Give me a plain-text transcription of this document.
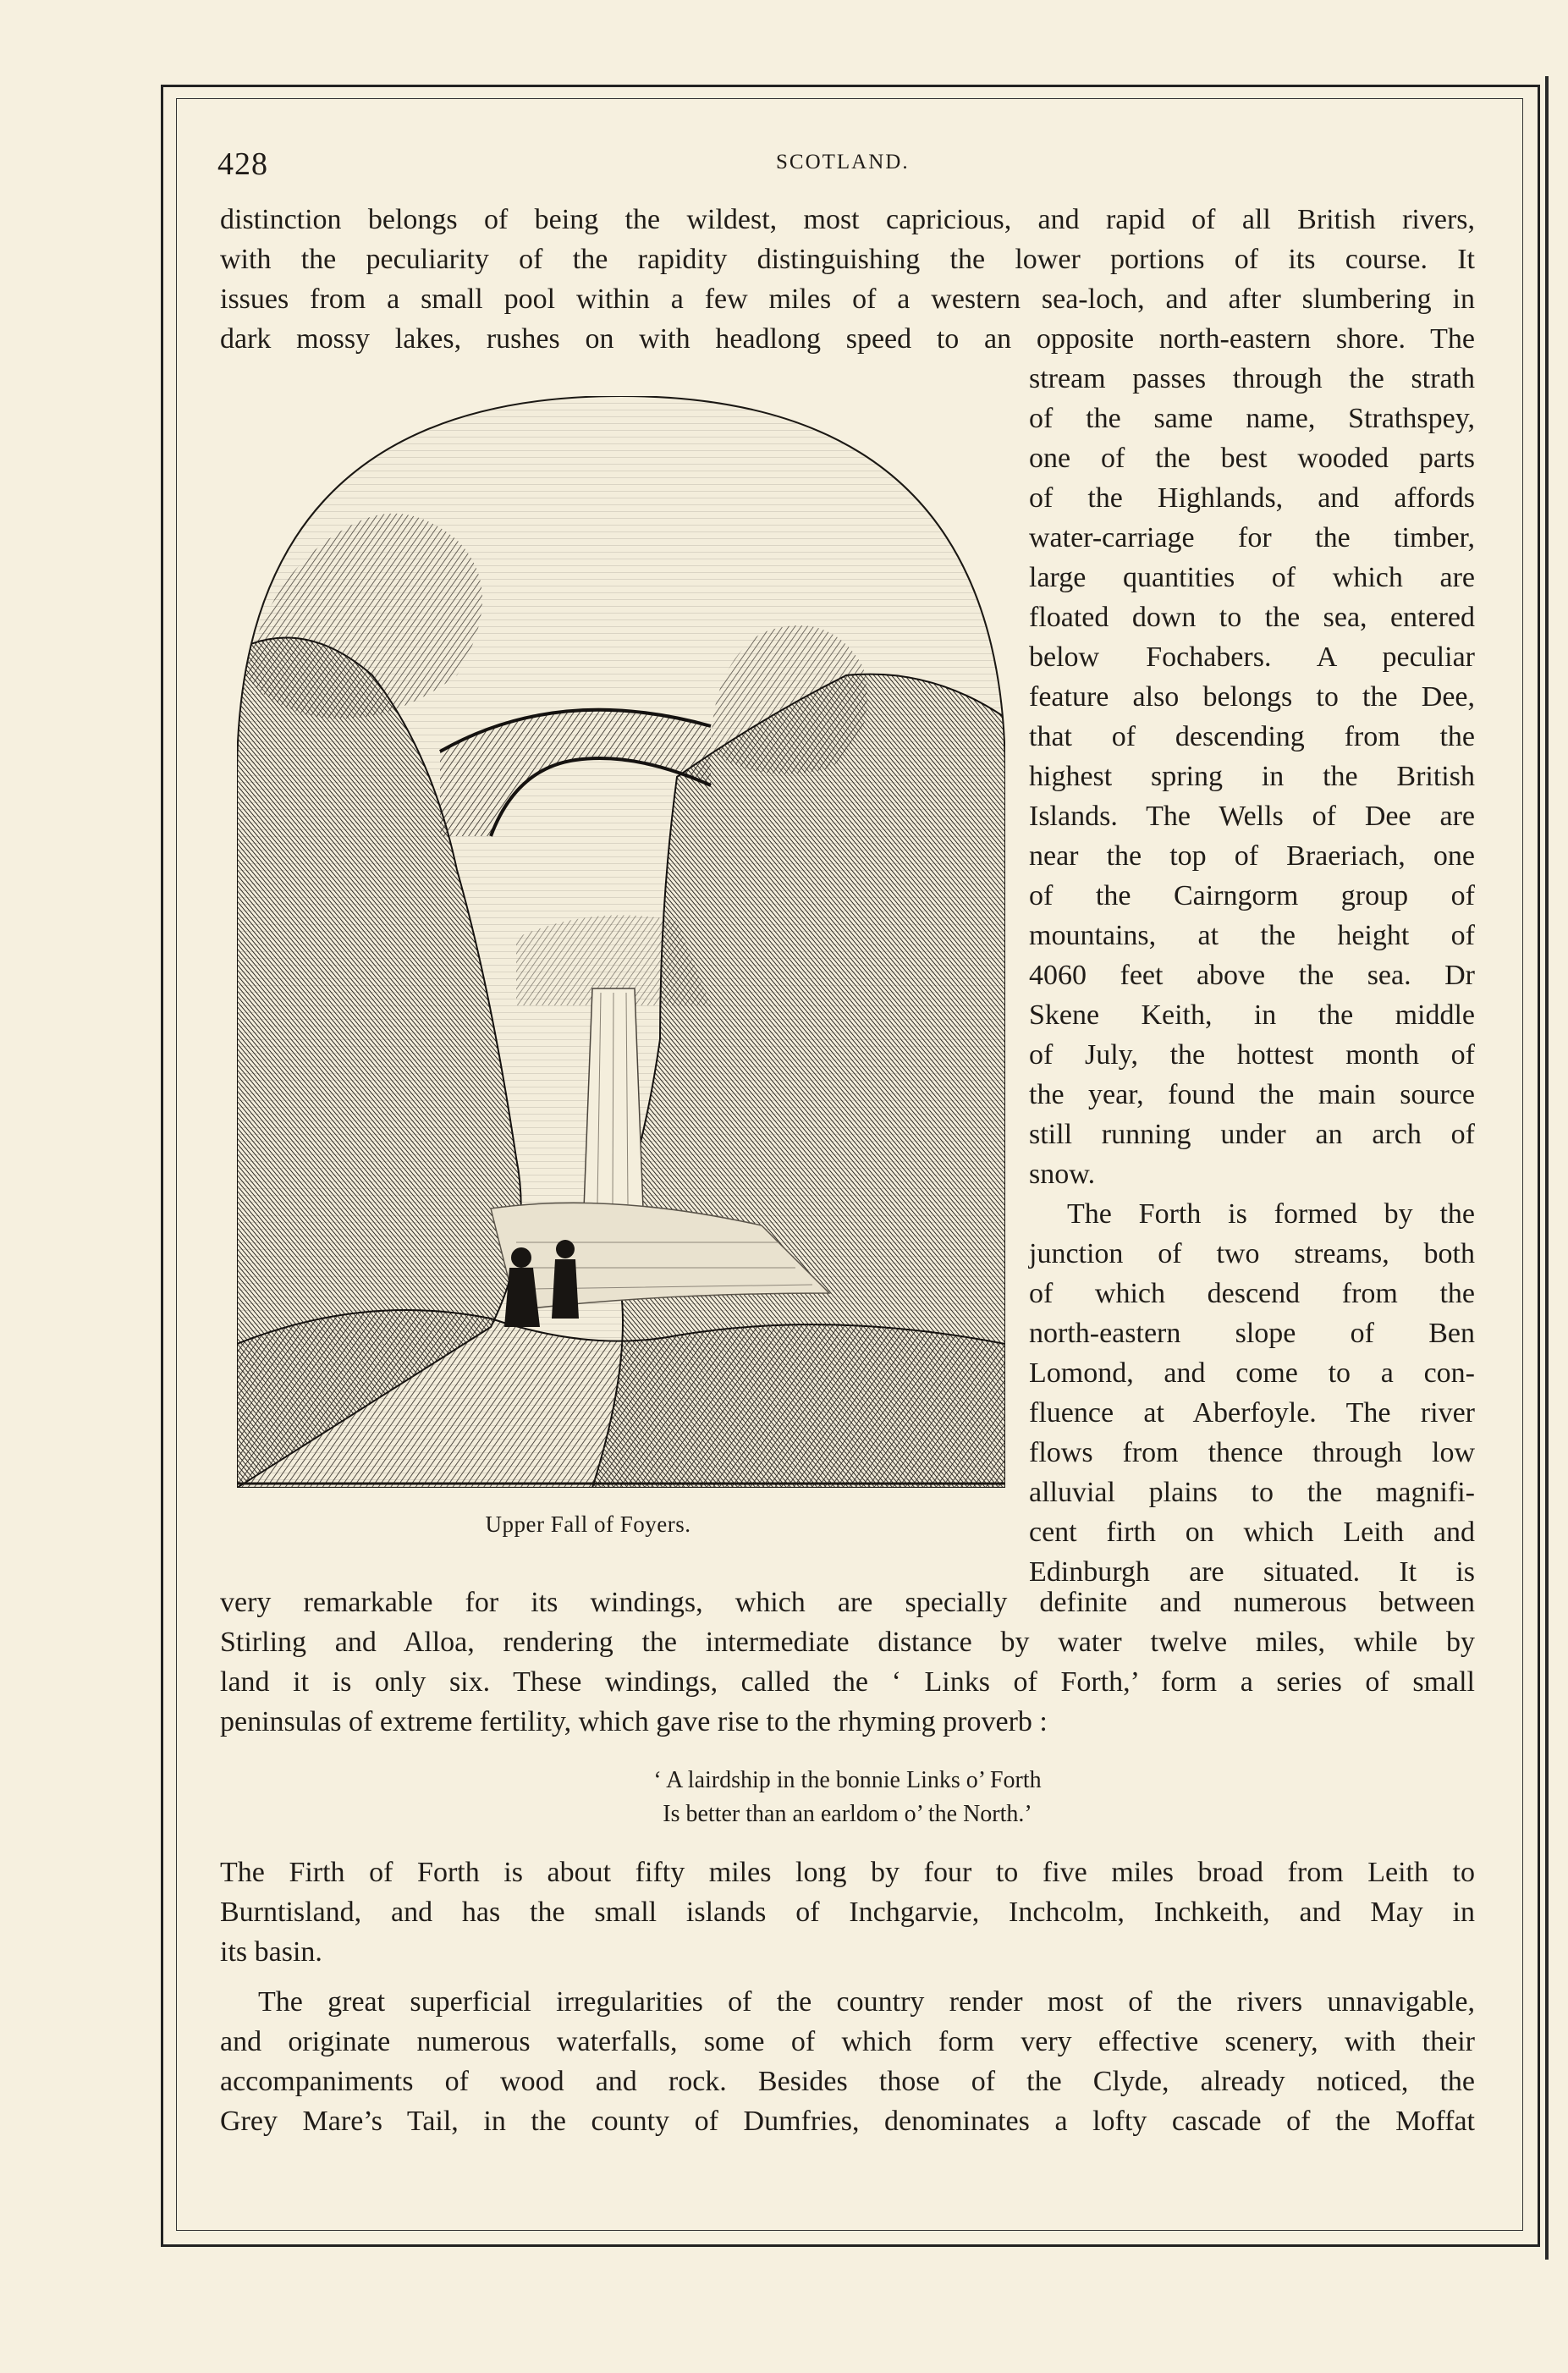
428	SCOTLAND.

distinction belongs of being the wildest, most capricious, and rapid of all British rivers,

with the peculiarity of the rapidity distinguishing the lower portions of its course. It

issues from a small pool within a few miles of a western sea-loch, and after slumbering in

dark mossy lakes, rushes on with headlong speed to an opposite north-eastern shore. The

stream passes through the strath

of the same name, Strathspey,

one of the best wooded parts

of the Highlands, and affords

water-carriage for the timber,

large quantities of which are

floated down to the sea, entered

below Fochabers. A peculiar

feature also belongs to the Dee,

that of descending from the

highest spring in the British

Islands. The Wells of Dee are

near the top of Braeriach, one

of the Cairngorm group of

mountains, at the height of

4060 feet above the sea. Dr

Skene Keith, in the middle

of July, the hottest month of

the year, found the main source

still running under an arch of

snow.

The Forth is formed by the

junction of two streams, both

of which descend from the

north-eastern slope of Ben

Lomond, and come to a con-

fluence at Aberfoyle. The river

flows from thence through low

alluvial plains to the magnifi-

cent firth on which Leith and

Edinburgh are situated. It is

Upper Fall of Foyers.

very remarkable for its windings, which are specially definite and numerous between

Stirling and Alloa, rendering the intermediate distance by water twelve miles, while by

land it is only six. These windings, called the ‘ Links of Forth,’ form a series of small

peninsulas of extreme fertility, which gave rise to the rhyming proverb :

‘ A lairdship in the bonnie Links o’ Forth
Is better than an earldom o’ the North.’

The Firth of Forth is about fifty miles long by four to five miles broad from Leith to

Burntisland, and has the small islands of Inchgarvie, Inchcolm, Inchkeith, and May in

its basin.

The great superficial irregularities of the country render most of the rivers unnavigable,

and originate numerous waterfalls, some of which form very effective scenery, with their

accompaniments of wood and rock. Besides those of the Clyde, already noticed, the

Grey Mare’s Tail, in the county of Dumfries, denominates a lofty cascade of the Moffat
